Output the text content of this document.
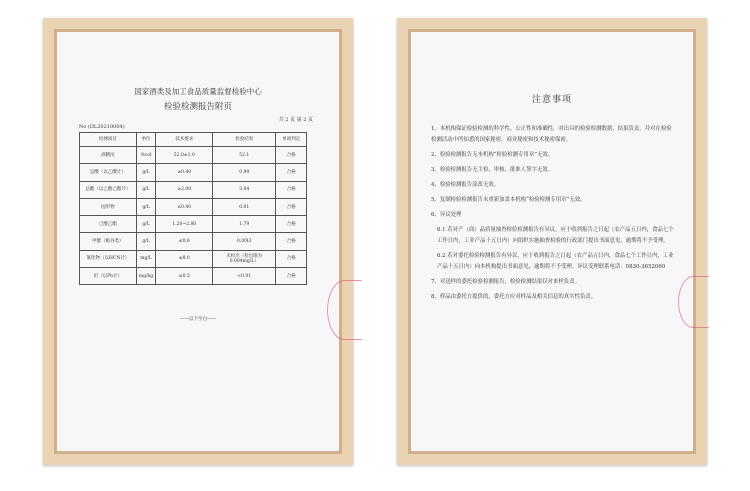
国家酒类及加工食品质量监督检验中心
检验检测报告附页
共 2 页 第 2 页
No (DL20210004)
检测项目	单位	技术要求	检验结果	单项判定
酒精度	%vol	52.0±1.0	52.1	合格
总酸（以乙酸计）	g/L	≥0.40	0.99	合格
总酯（以乙酸乙酯计）	g/L	≥2.00	3.04	合格
固形物	g/L	≤0.40	0.01	合格
己酸乙酯	g/L	1.20~2.80	1.79	合格
甲醇（粮谷类）	g/L	≤0.6	0.0f43	合格
氰化物（以HCN计）	mg/L	≤8.0	未检出（检出限为0.004mg/L）	合格
铅（以Pb计）	mg/kg	≤0.5	<0.01	合格
——以下空白——
注意事项

1、本机构保证检验检测的科学性、公正性和准确性，对出具的检验检测数据、结果负责，并对在检验检测活动中所知悉的国家秘密、商业秘密和技术秘密保密。

2、检验检测报告无本机构“检验检测专用章”无效。

3、检验检测报告无主检、审核、批准人签字无效。

4、检验检测报告涂改无效。

5、复制检验检测报告未重新加盖本机构“检验检测专用章”无效。

6、异议处理

6.1 若对产（商）品质量抽查检验检测报告有异议，应于收到报告之日起（农产品五日内，食品七个工作日内，工业产品十五日内）向组织实施抽查检验的行政部门提出书面意见，逾期将不予受理。

6.2 若对委托检验检测报告有异议，应于收到报告之日起（农产品五日内，食品七个工作日内，工业产品十五日内）向本机构提出书面意见，逾期将不予受理。异议受理联系电话：0830-3652060

7、对送样的委托检验检测报告，检验检测结果仅对来样负责。

8、样品由委托方提供的，委托方应对样品及相关信息的真实性负责。
